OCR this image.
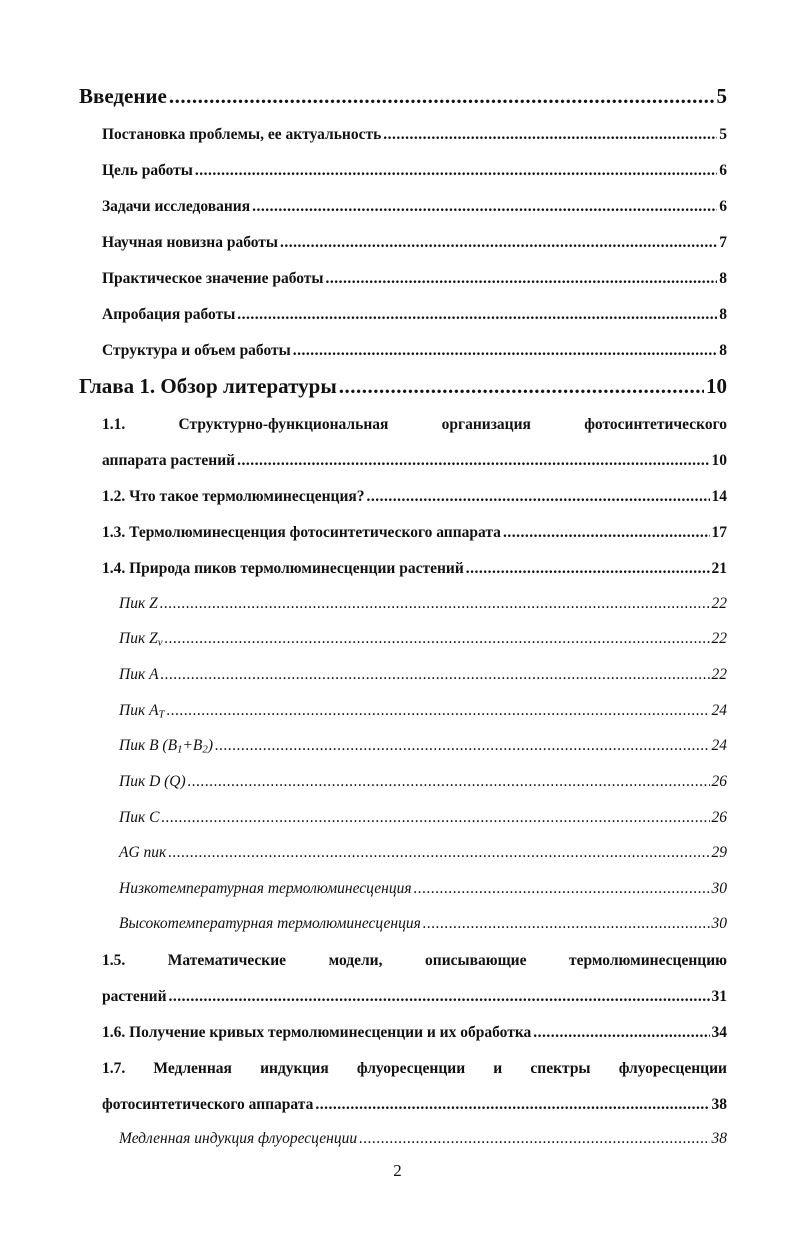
Введение .....	5
Постановка проблемы, ее актуальность .....	5
Цель работы .....	6
Задачи исследования .....	6
Научная новизна работы .....	7
Практическое значение работы .....	8
Апробация работы .....	8
Структура и объем работы .....	8
Глава 1. Обзор литературы .....	10
1.1.	Структурно-функциональная	организация	фотосинтетического
аппарата растений .....	10
1.2. Что такое термолюминесценция? .....	14
1.3. Термолюминесценция фотосинтетического аппарата .....	17
1.4. Природа пиков термолюминесценции растений .....	21
Пик Z .....	22
Пик $Z_v$ .....	22
Пик A .....	22
Пик $A_T$ .....	24
Пик B $(B_1+B_2)$ .....	24
Пик D (Q) .....	26
Пик C .....	26
AG пик .....	29
Низкотемпературная термолюминесценция .....	30
Высокотемпературная термолюминесценция .....	30
1.5.	Математические	модели,	описывающие	термолюминесценцию
растений .....	31
1.6. Получение кривых термолюминесценции и их обработка .....	34
1.7. Медленная индукция флуоресценции и спектры флуоресценции
фотосинтетического аппарата .....	38
Медленная индукция флуоресценции .....	38
2
